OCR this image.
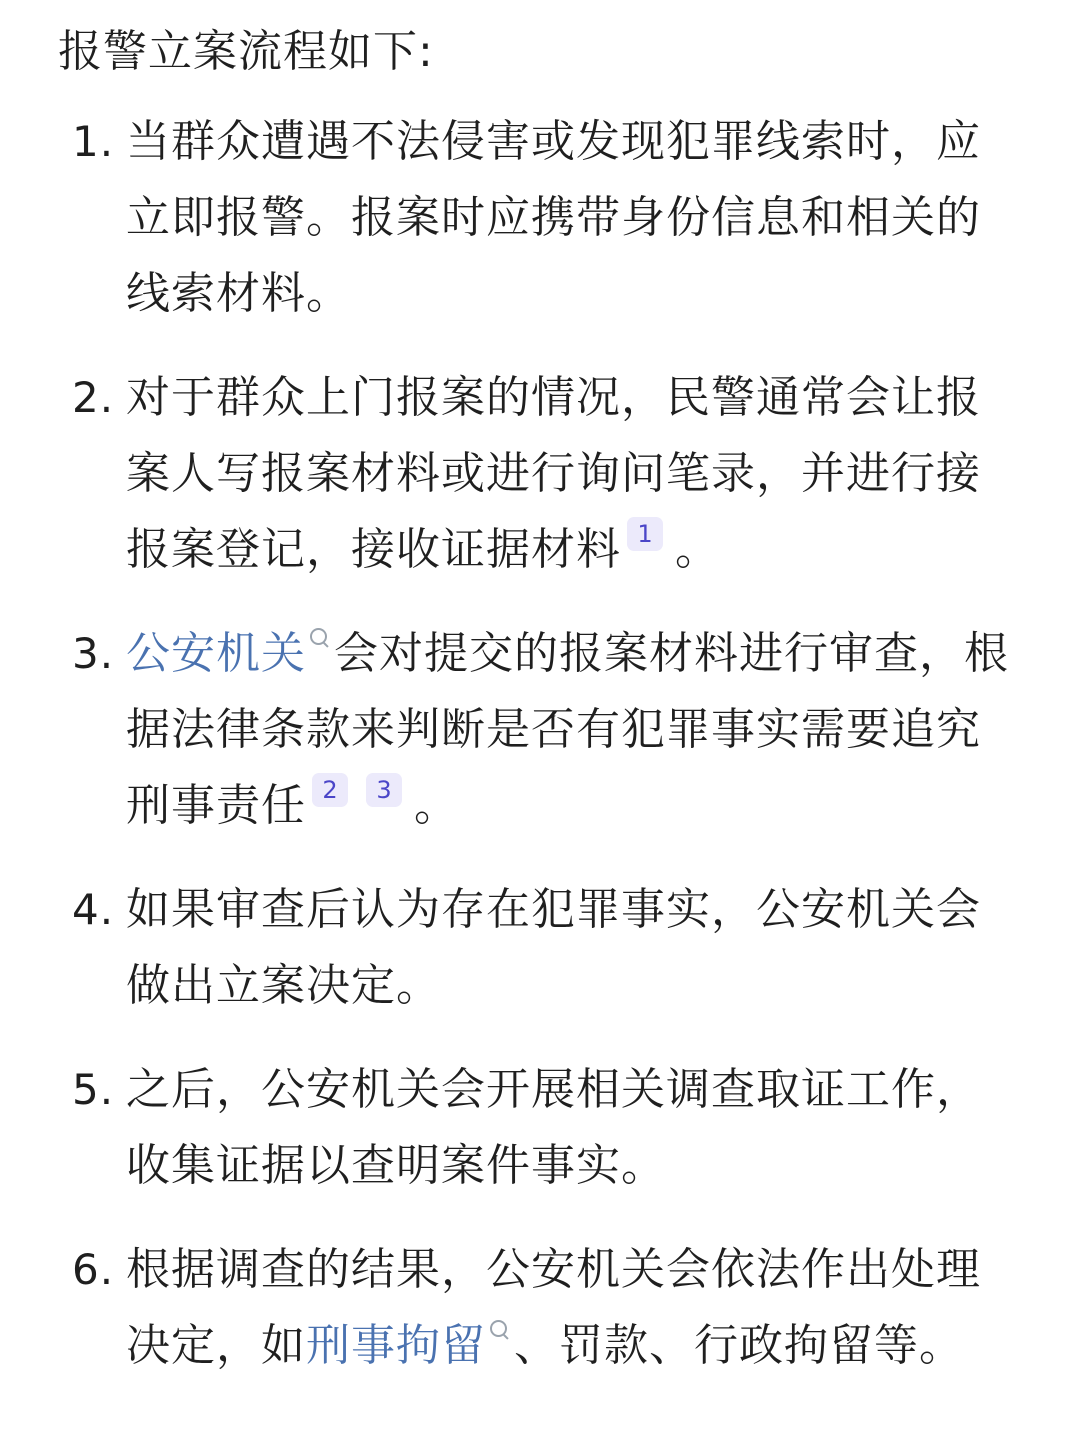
报警立案流程如下:
1. 当群众遭遇不法侵害或发现犯罪线索时，应立即报警。报案时应携带身份信息和相关的线索材料。
2. 对于群众上门报案的情况，民警通常会让报案人写报案材料或进行询问笔录，并进行接报案登记，接收证据材料 1 。
3. 公安机关 会对提交的报案材料进行审查，根据法律条款来判断是否有犯罪事实需要追究刑事责任 2 3 。
4. 如果审查后认为存在犯罪事实，公安机关会做出立案决定。
5. 之后，公安机关会开展相关调查取证工作，收集证据以查明案件事实。
6. 根据调查的结果，公安机关会依法作出处理决定，如刑事拘留 、罚款、行政拘留等。
